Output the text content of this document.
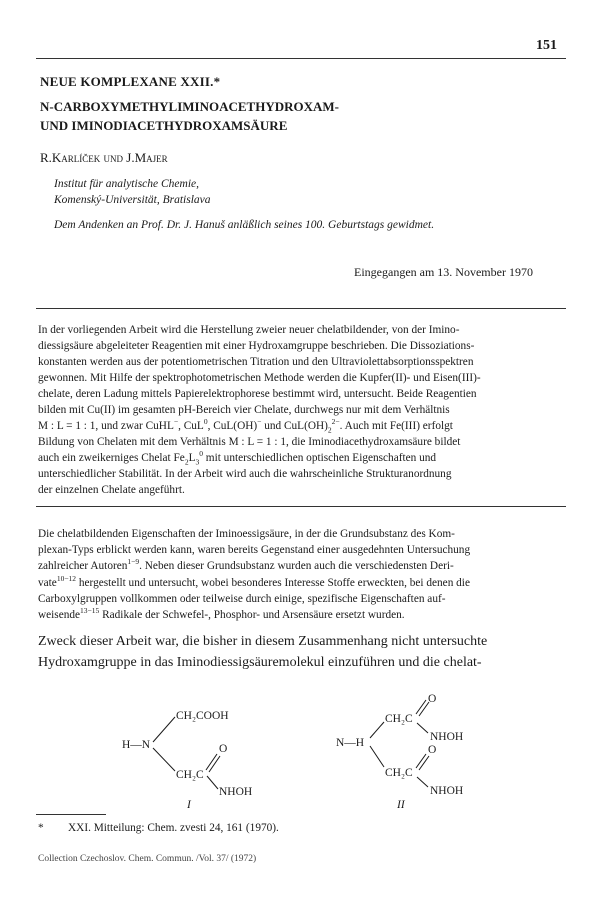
151
NEUE KOMPLEXANE XXII.*
N-CARBOXYMETHYLIMINOACETHYDROXAM-
UND IMINODIACETHYDROXAMSÄURE
R.Karlíček und J.Majer
Institut für analytische Chemie,
Komenský-Universität, Bratislava
Dem Andenken an Prof. Dr. J. Hanuš anläßlich seines 100. Geburtstags gewidmet.
Eingegangen am 13. November 1970
In der vorliegenden Arbeit wird die Herstellung zweier neuer chelatbildender, von der Imino-
diessigsäure abgeleiteter Reagentien mit einer Hydroxamgruppe beschrieben. Die Dissoziations-
konstanten werden aus der potentiometrischen Titration und den Ultraviolettabsorptionsspektren
gewonnen. Mit Hilfe der spektrophotometrischen Methode werden die Kupfer(II)- und Eisen(III)-
chelate, deren Ladung mittels Papierelektrophorese bestimmt wird, untersucht. Beide Reagentien
bilden mit Cu(II) im gesamten pH-Bereich vier Chelate, durchwegs nur mit dem Verhältnis
M : L = 1 : 1, und zwar CuHL−, CuL$^0$, CuL(OH)− und $CuL(OH)_2^{2-}$. Auch mit Fe(III) erfolgt
Bildung von Chelaten mit dem Verhältnis M : L = 1 : 1, die Iminodiacethydroxamsäure bildet
auch ein zweikerniges Chelat $Fe_2L_3^0$ mit unterschiedlichen optischen Eigenschaften und
unterschiedlicher Stabilität. In der Arbeit wird auch die wahrscheinliche Strukturanordnung
der einzelnen Chelate angeführt.
Die chelatbildenden Eigenschaften der Iminoessigsäure, in der die Grundsubstanz des Kom-
plexan-Typs erblickt werden kann, waren bereits Gegenstand einer ausgedehnten Untersuchung
zahlreicher Autoren$^{1-9}$. Neben dieser Grundsubstanz wurden auch die verschiedensten Deri-
vate$^{10-12}$ hergestellt und untersucht, wobei besonderes Interesse Stoffe erweckten, bei denen die
Carboxylgruppen vollkommen oder teilweise durch einige, spezifische Eigenschaften auf-
weisende$^{13-15}$ Radikale der Schwefel-, Phosphor- und Arsensäure ersetzt wurden.
Zweck dieser Arbeit war, die bisher in diesem Zusammenhang nicht untersuchte
Hydroxamgruppe in das Iminodiessigsäuremolekul einzuführen und die chelat-
CH₂COOH
H—N
CH₂C
O
NHOH
I
N—H
CH₂C
O
NHOH
CH₂C
O
NHOH
II
* XXI. Mitteilung: Chem. zvesti 24, 161 (1970).
Collection Czechoslov. Chem. Commun. /Vol. 37/ (1972)
